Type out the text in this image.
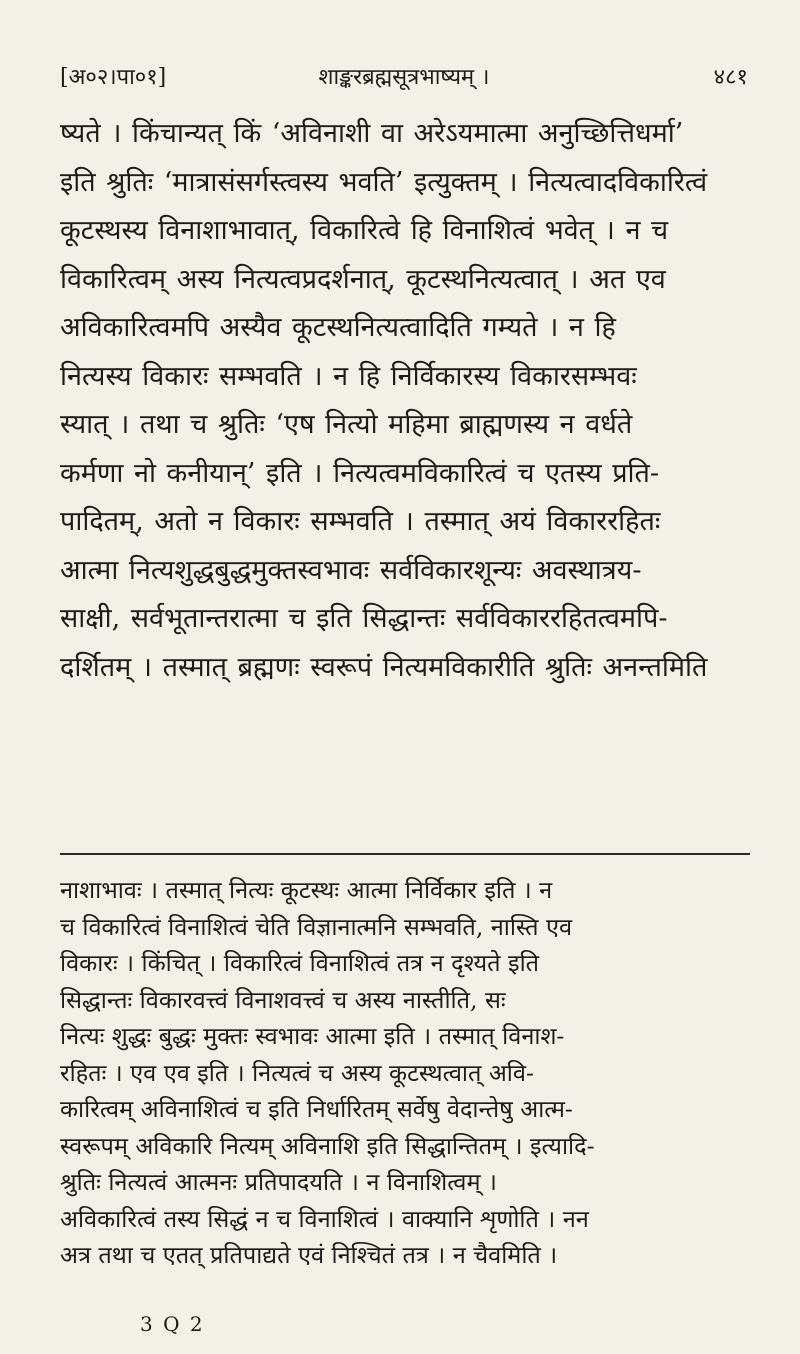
[अ०२।पा०१]	शाङ्करब्रह्मसूत्रभाष्यम् ।	४८१
ष्यते । किंचान्यत् किं ‘अविनाशी वा अरेऽयमात्मा अनुच्छित्तिधर्मा’
इति श्रुतिः ‘मात्रासंसर्गस्त्वस्य भवति’ इत्युक्तम् । नित्यत्वादविकारित्वं
कूटस्थस्य विनाशाभावात्, विकारित्वे हि विनाशित्वं भवेत् । न च
विकारित्वम् अस्य नित्यत्वप्रदर्शनात्, कूटस्थनित्यत्वात् । अत एव
अविकारित्वमपि अस्यैव कूटस्थनित्यत्वादिति गम्यते । न हि
नित्यस्य विकारः सम्भवति । न हि निर्विकारस्य विकारसम्भवः
स्यात् । तथा च श्रुतिः ‘एष नित्यो महिमा ब्राह्मणस्य न वर्धते
कर्मणा नो कनीयान्’ इति । नित्यत्वमविकारित्वं च एतस्य प्रति-
पादितम्, अतो न विकारः सम्भवति । तस्मात् अयं विकाररहितः
आत्मा नित्यशुद्धबुद्धमुक्तस्वभावः सर्वविकारशून्यः अवस्थात्रय-
साक्षी, सर्वभूतान्तरात्मा च इति सिद्धान्तः सर्वविकाररहितत्वमपि-
दर्शितम् । तस्मात् ब्रह्मणः स्वरूपं नित्यमविकारीति श्रुतिः अनन्तमिति
नाशाभावः । तस्मात् नित्यः कूटस्थः आत्मा निर्विकार इति । न
च विकारित्वं विनाशित्वं चेति विज्ञानात्मनि सम्भवति, नास्ति एव
विकारः । किंचित् । विकारित्वं विनाशित्वं तत्र न दृश्यते इति
सिद्धान्तः विकारवत्त्वं विनाशवत्त्वं च अस्य नास्तीति, सः
नित्यः शुद्धः बुद्धः मुक्तः स्वभावः आत्मा इति । तस्मात् विनाश-
रहितः । एव एव इति । नित्यत्वं च अस्य कूटस्थत्वात् अवि-
कारित्वम् अविनाशित्वं च इति निर्धारितम् सर्वेषु वेदान्तेषु आत्म-
स्वरूपम् अविकारि नित्यम् अविनाशि इति सिद्धान्तितम् । इत्यादि-
श्रुतिः नित्यत्वं आत्मनः प्रतिपादयति । न विनाशित्वम् ।
अविकारित्वं तस्य सिद्धं न च विनाशित्वं । वाक्यानि शृणोति । नन
अत्र तथा च एतत् प्रतिपाद्यते एवं निश्चितं तत्र । न चैवमिति ।
3 Q 2
